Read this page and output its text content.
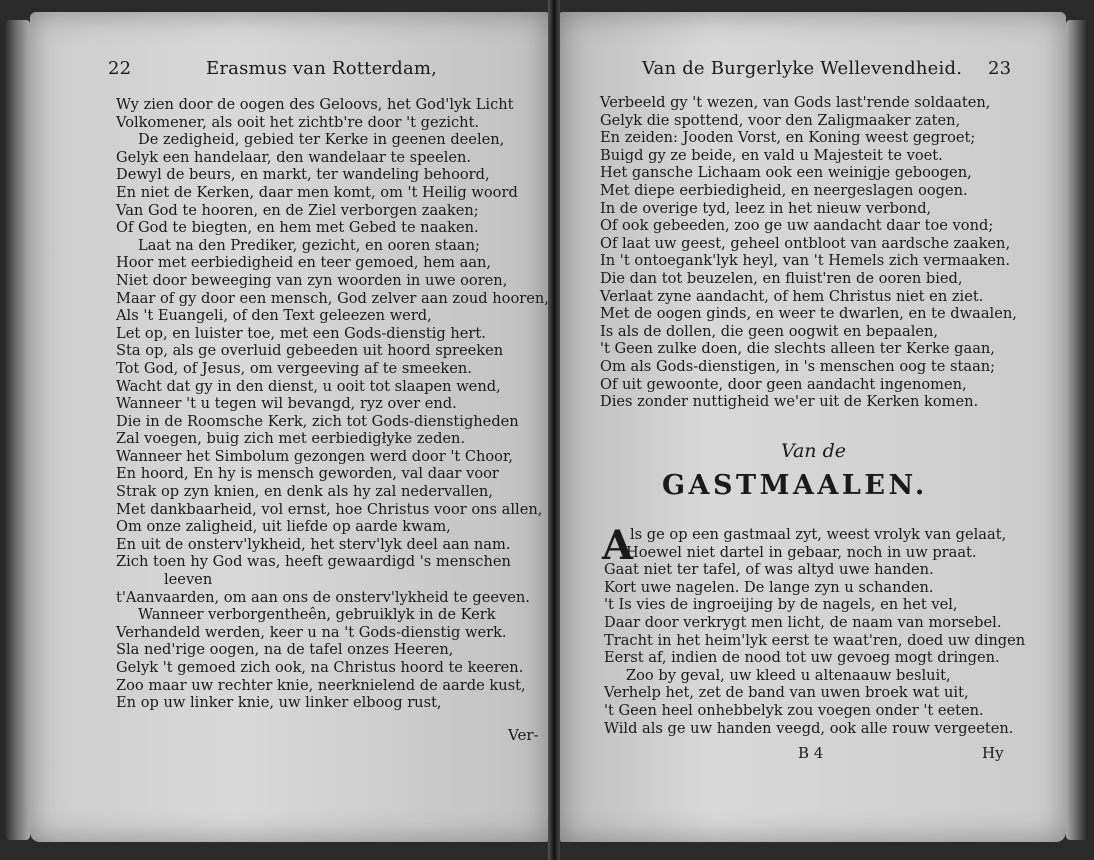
22	Erasmus van Rotterdam,
Wy zien door de oogen des Geloovs, het God'lyk Licht
Volkomener, als ooit het zichtb're door 't gezicht.
De zedigheid, gebied ter Kerke in geenen deelen,
Gelyk een handelaar, den wandelaar te speelen.
Dewyl de beurs, en markt, ter wandeling behoord,
En niet de Kerken, daar men komt, om 't Heilig woord
Van God te hooren, en de Ziel verborgen zaaken;
Of God te biegten, en hem met Gebed te naaken.
Laat na den Prediker, gezicht, en ooren staan;
Hoor met eerbiedigheid en teer gemoed, hem aan,
Niet door beweeging van zyn woorden in uwe ooren,
Maar of gy door een mensch, God zelver aan zoud hooren,
Als 't Euangeli, of den Text geleezen werd,
Let op, en luister toe, met een Gods-dienstig hert.
Sta op, als ge overluid gebeeden uit hoord spreeken
Tot God, of Jesus, om vergeeving af te smeeken.
Wacht dat gy in den dienst, u ooit tot slaapen wend,
Wanneer 't u tegen wil bevangd, ryz over end.
Die in de Roomsche Kerk, zich tot Gods-dienstigheden
Zal voegen, buig zich met eerbiedigłyke zeden.
Wanneer het Simbolum gezongen werd door 't Choor,
En hoord, En hy is mensch geworden, val daar voor
Strak op zyn knien, en denk als hy zal nedervallen,
Met dankbaarheid, vol ernst, hoe Christus voor ons allen,
Om onze zaligheid, uit liefde op aarde kwam,
En uit de onsterv'lykheid, het sterv'lyk deel aan nam.
Zich toen hy God was, heeft gewaardigd 's menschen
leeven
t'Aanvaarden, om aan ons de onsterv'lykheid te geeven.
Wanneer verborgentheên, gebruiklyk in de Kerk
Verhandeld werden, keer u na 't Gods-dienstig werk.
Sla ned'rige oogen, na de tafel onzes Heeren,
Gelyk 't gemoed zich ook, na Christus hoord te keeren.
Zoo maar uw rechter knie, neerknielend de aarde kust,
En op uw linker knie, uw linker elboog rust,
Ver-
Van de Burgerlyke Wellevendheid. 23
Verbeeld gy 't wezen, van Gods last'rende soldaaten,
Gelyk die spottend, voor den Zaligmaaker zaten,
En zeiden: Jooden Vorst, en Koning weest gegroet;
Buigd gy ze beide, en vald u Majesteit te voet.
Het gansche Lichaam ook een weinigje geboogen,
Met diepe eerbiedigheid, en neergeslagen oogen.
In de overige tyd, leez in het nieuw verbond,
Of ook gebeeden, zoo ge uw aandacht daar toe vond;
Of laat uw geest, geheel ontbloot van aardsche zaaken,
In 't ontoegank'lyk heyl, van 't Hemels zich vermaaken.
Die dan tot beuzelen, en fluist'ren de ooren bied,
Verlaat zyne aandacht, of hem Christus niet en ziet.
Met de oogen ginds, en weer te dwarlen, en te dwaalen,
Is als de dollen, die geen oogwit en bepaalen,
't Geen zulke doen, die slechts alleen ter Kerke gaan,
Om als Gods-dienstigen, in 's menschen oog te staan;
Of uit gewoonte, door geen aandacht ingenomen,
Dies zonder nuttigheid we'er uit de Kerken komen.
Van de
GASTMAALEN.
A
ls ge op een gastmaal zyt, weest vrolyk van gelaat,
Hoewel niet dartel in gebaar, noch in uw praat.
Gaat niet ter tafel, of was altyd uwe handen.
Kort uwe nagelen. De lange zyn u schanden.
't Is vies de ingroeijing by de nagels, en het vel,
Daar door verkrygt men licht, de naam van morsebel.
Tracht in het heim'lyk eerst te waat'ren, doed uw dingen
Eerst af, indien de nood tot uw gevoeg mogt dringen.
Zoo by geval, uw kleed u altenaauw besluit,
Verhelp het, zet de band van uwen broek wat uit,
't Geen heel onhebbelyk zou voegen onder 't eeten.
Wild als ge uw handen veegd, ook alle rouw vergeeten.
B 4	Hy
